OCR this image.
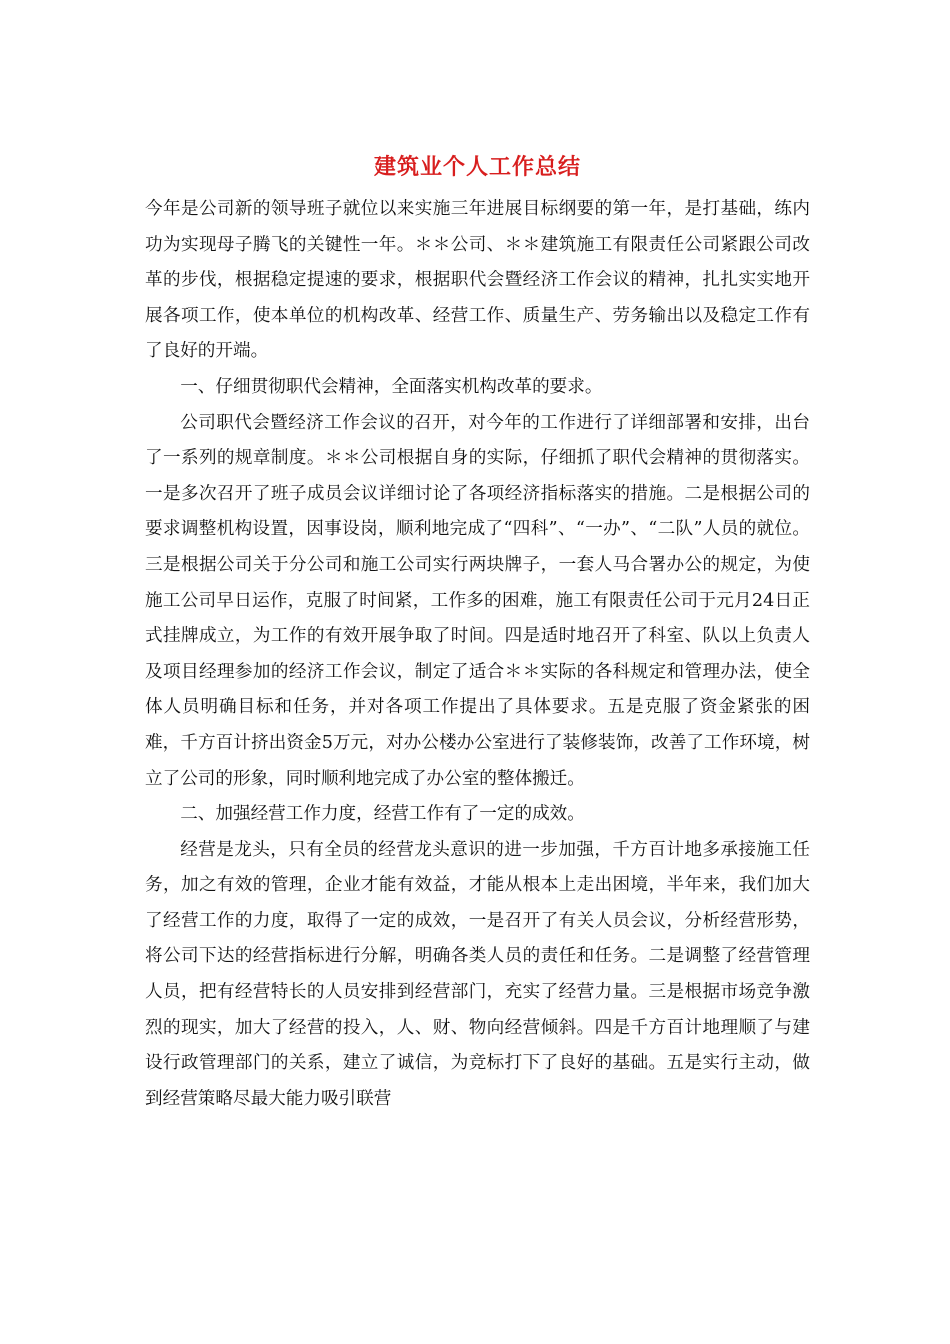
建筑业个人工作总结

今年是公司新的领导班子就位以来实施三年进展目标纲要的第一年，是打基础，练内功为实现母子腾飞的关键性一年。＊＊公司、＊＊建筑施工有限责任公司紧跟公司改革的步伐，根据稳定提速的要求，根据职代会暨经济工作会议的精神，扎扎实实地开展各项工作，使本单位的机构改革、经营工作、质量生产、劳务输出以及稳定工作有了良好的开端。

一、仔细贯彻职代会精神，全面落实机构改革的要求。

公司职代会暨经济工作会议的召开，对今年的工作进行了详细部署和安排，出台了一系列的规章制度。＊＊公司根据自身的实际，仔细抓了职代会精神的贯彻落实。一是多次召开了班子成员会议详细讨论了各项经济指标落实的措施。二是根据公司的要求调整机构设置，因事设岗，顺利地完成了“四科”、“一办”、“二队”人员的就位。三是根据公司关于分公司和施工公司实行两块牌子，一套人马合署办公的规定，为使施工公司早日运作，克服了时间紧，工作多的困难，施工有限责任公司于元月24日正式挂牌成立，为工作的有效开展争取了时间。四是适时地召开了科室、队以上负责人及项目经理参加的经济工作会议，制定了适合＊＊实际的各科规定和管理办法，使全体人员明确目标和任务，并对各项工作提出了具体要求。五是克服了资金紧张的困难，千方百计挤出资金5万元，对办公楼办公室进行了装修装饰，改善了工作环境，树立了公司的形象，同时顺利地完成了办公室的整体搬迁。

二、加强经营工作力度，经营工作有了一定的成效。

经营是龙头，只有全员的经营龙头意识的进一步加强，千方百计地多承接施工任务，加之有效的管理，企业才能有效益，才能从根本上走出困境，半年来，我们加大了经营工作的力度，取得了一定的成效，一是召开了有关人员会议，分析经营形势，将公司下达的经营指标进行分解，明确各类人员的责任和任务。二是调整了经营管理人员，把有经营特长的人员安排到经营部门，充实了经营力量。三是根据市场竞争激烈的现实，加大了经营的投入，人、财、物向经营倾斜。四是千方百计地理顺了与建设行政管理部门的关系，建立了诚信，为竞标打下了良好的基础。五是实行主动，做到经营策略尽最大能力吸引联营
